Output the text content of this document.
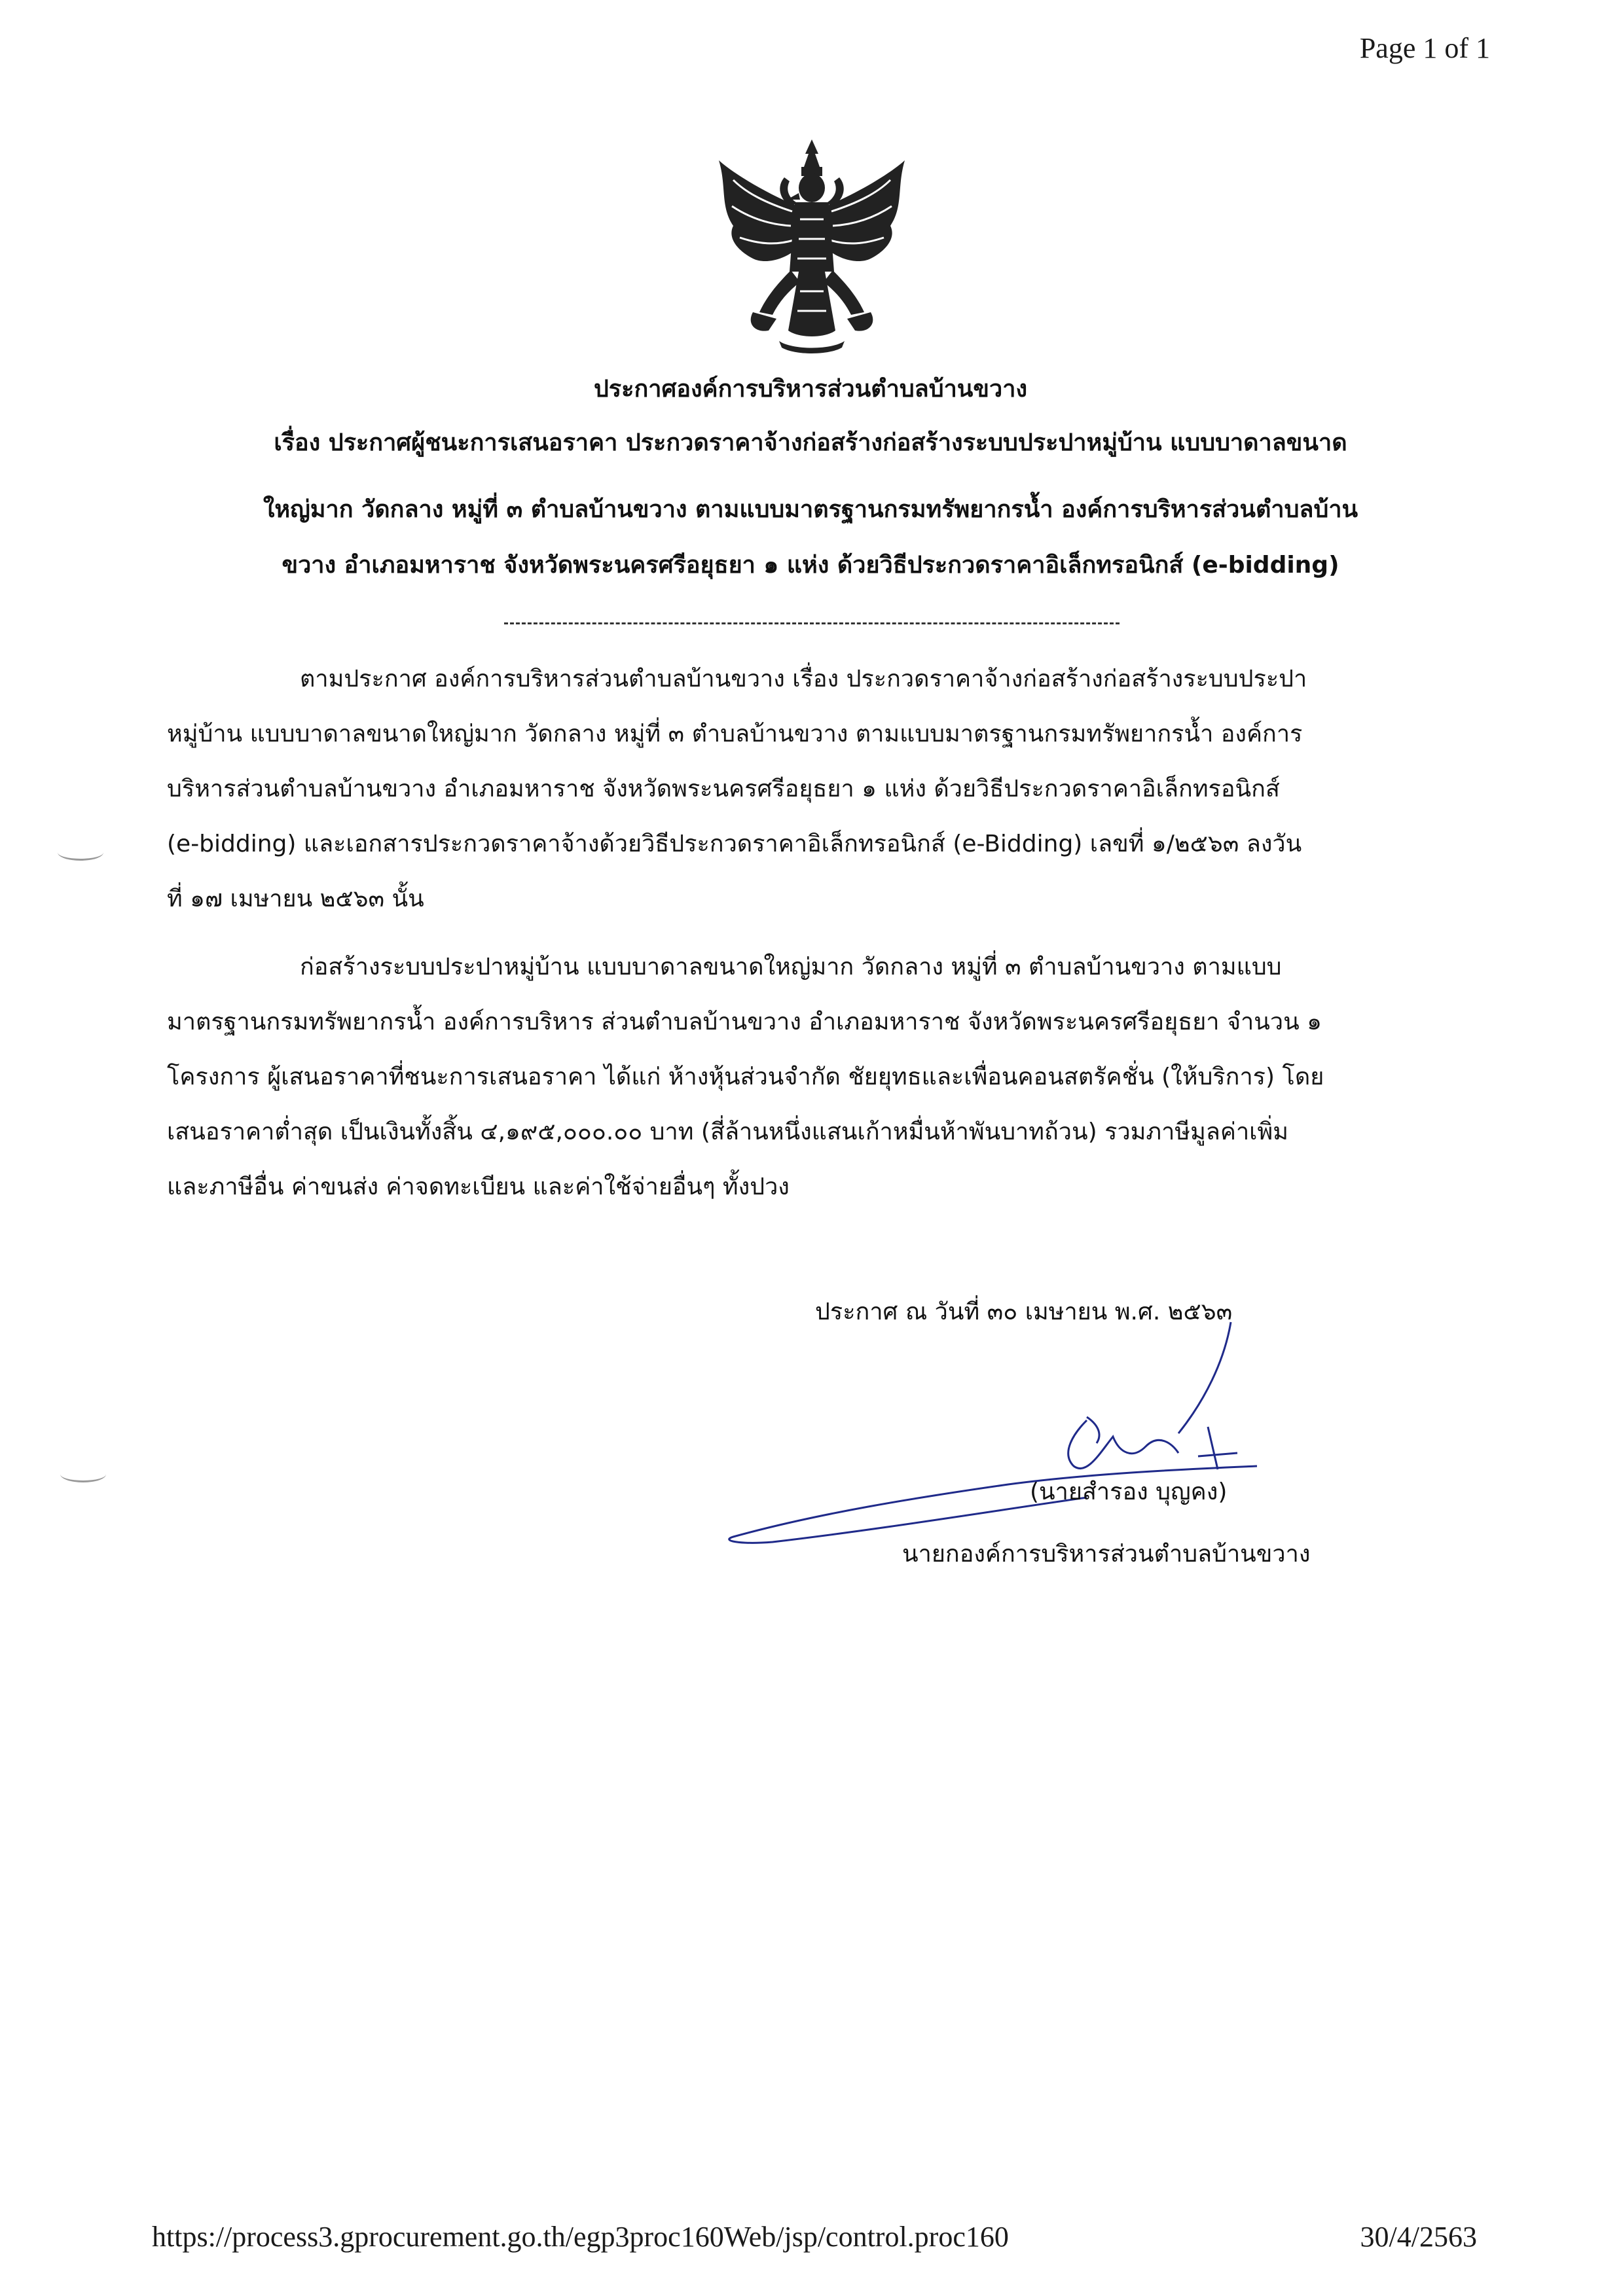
Page 1 of 1
ประกาศองค์การบริหารส่วนตำบลบ้านขวาง
เรื่อง ประกาศผู้ชนะการเสนอราคา ประกวดราคาจ้างก่อสร้างก่อสร้างระบบประปาหมู่บ้าน แบบบาดาลขนาด
ใหญ่มาก วัดกลาง หมู่ที่ ๓ ตำบลบ้านขวาง ตามแบบมาตรฐานกรมทรัพยากรน้ำ องค์การบริหารส่วนตำบลบ้าน
ขวาง อำเภอมหาราช จังหวัดพระนครศรีอยุธยา ๑ แห่ง ด้วยวิธีประกวดราคาอิเล็กทรอนิกส์ (e-bidding)
ตามประกาศ องค์การบริหารส่วนตำบลบ้านขวาง เรื่อง ประกวดราคาจ้างก่อสร้างก่อสร้างระบบประปา
หมู่บ้าน แบบบาดาลขนาดใหญ่มาก วัดกลาง หมู่ที่ ๓ ตำบลบ้านขวาง ตามแบบมาตรฐานกรมทรัพยากรน้ำ องค์การ
บริหารส่วนตำบลบ้านขวาง อำเภอมหาราช จังหวัดพระนครศรีอยุธยา ๑ แห่ง ด้วยวิธีประกวดราคาอิเล็กทรอนิกส์
(e-bidding) และเอกสารประกวดราคาจ้างด้วยวิธีประกวดราคาอิเล็กทรอนิกส์ (e-Bidding) เลขที่ ๑/๒๕๖๓ ลงวัน
ที่ ๑๗ เมษายน ๒๕๖๓ นั้น
ก่อสร้างระบบประปาหมู่บ้าน แบบบาดาลขนาดใหญ่มาก วัดกลาง หมู่ที่ ๓ ตำบลบ้านขวาง ตามแบบ
มาตรฐานกรมทรัพยากรน้ำ องค์การบริหาร ส่วนตำบลบ้านขวาง อำเภอมหาราช จังหวัดพระนครศรีอยุธยา จำนวน ๑
โครงการ ผู้เสนอราคาที่ชนะการเสนอราคา ได้แก่ ห้างหุ้นส่วนจำกัด ชัยยุทธและเพื่อนคอนสตรัคชั่น (ให้บริการ) โดย
เสนอราคาต่ำสุด เป็นเงินทั้งสิ้น ๔,๑๙๕,๐๐๐.๐๐ บาท (สี่ล้านหนึ่งแสนเก้าหมื่นห้าพันบาทถ้วน) รวมภาษีมูลค่าเพิ่ม
และภาษีอื่น ค่าขนส่ง ค่าจดทะเบียน และค่าใช้จ่ายอื่นๆ ทั้งปวง
ประกาศ ณ วันที่ ๓๐ เมษายน พ.ศ. ๒๕๖๓
(นายสำรอง บุญคง)
นายกองค์การบริหารส่วนตำบลบ้านขวาง
https://process3.gprocurement.go.th/egp3proc160Web/jsp/control.proc160	30/4/2563
